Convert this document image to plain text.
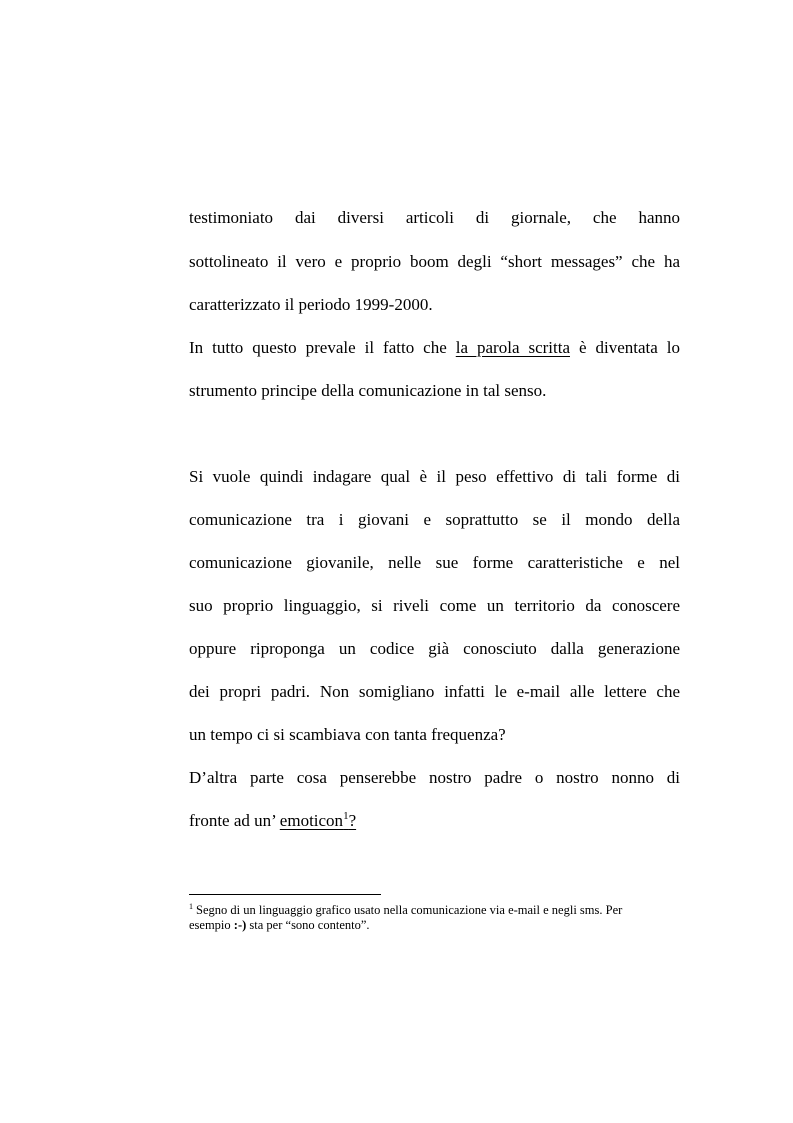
testimoniato dai diversi articoli di giornale, che hanno
sottolineato il vero e proprio boom degli “short messages” che ha
caratterizzato il periodo 1999-2000.
In tutto questo prevale il fatto che la parola scritta è diventata lo
strumento principe della comunicazione in tal senso.
Si vuole quindi indagare qual è il peso effettivo di tali forme di
comunicazione tra i giovani e soprattutto se il mondo della
comunicazione giovanile, nelle sue forme caratteristiche e nel
suo proprio linguaggio, si riveli come un territorio da conoscere
oppure riproponga un codice già conosciuto dalla generazione
dei propri padri. Non somigliano infatti le e-mail alle lettere che
un tempo ci si scambiava con tanta frequenza?
D’altra parte cosa penserebbe nostro padre o nostro nonno di
fronte ad un’ emoticon$^1$?
$^1$ Segno di un linguaggio grafico usato nella comunicazione via e-mail e negli sms. Per
esempio :-) sta per “sono contento”.
